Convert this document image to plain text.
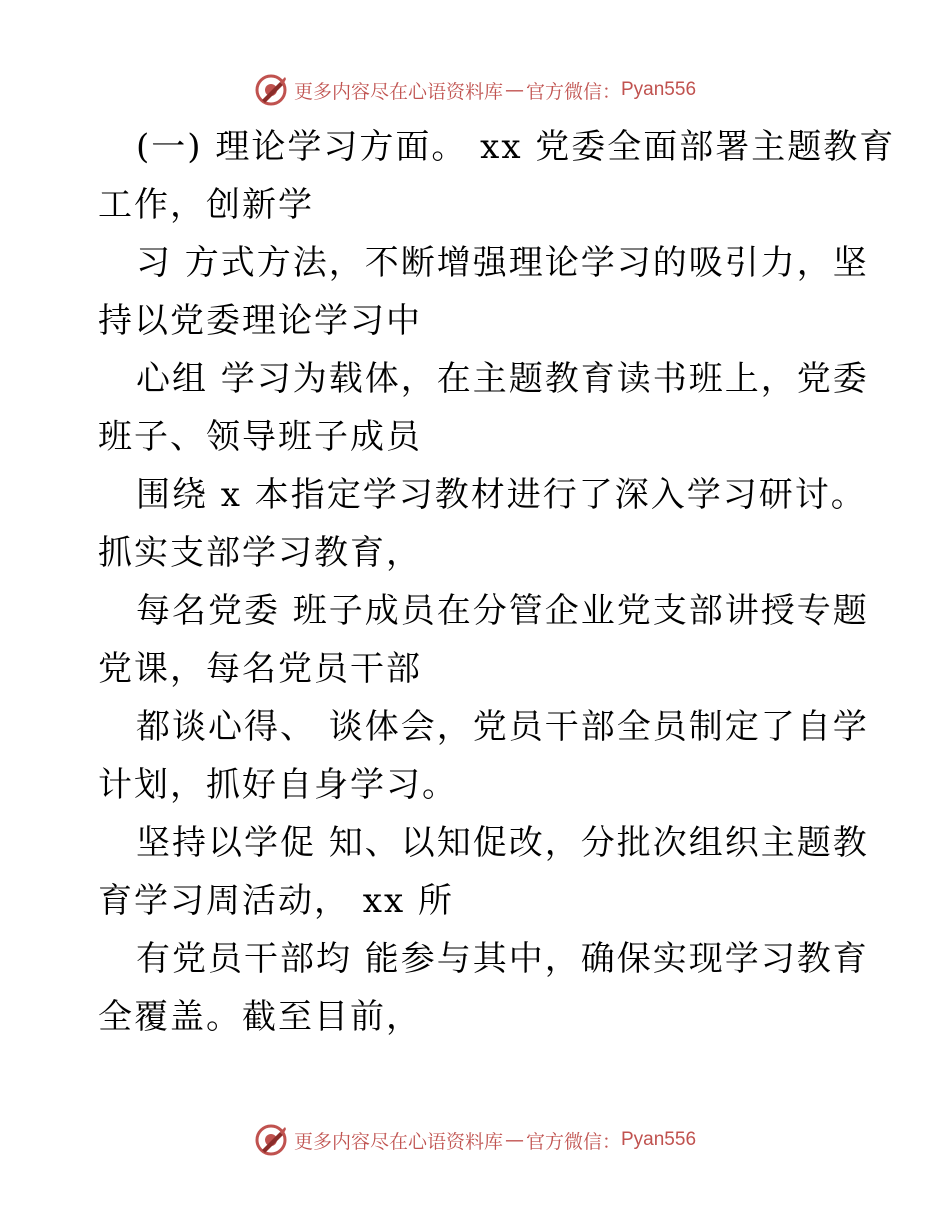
更多内容尽在心语资料库 — 官方微信： Pyan556
(一) 理论学习方面。 xx 党委全面部署主题教育
工作，创新学
习 方式方法，不断增强理论学习的吸引力，坚
持以党委理论学习中
心组 学习为载体，在主题教育读书班上，党委
班子、领导班子成员
围绕 x 本指定学习教材进行了深入学习研讨。
抓实支部学习教育，
每名党委 班子成员在分管企业党支部讲授专题
党课，每名党员干部
都谈心得、 谈体会，党员干部全员制定了自学
计划，抓好自身学习。
坚持以学促 知、以知促改，分批次组织主题教
育学习周活动， xx 所
有党员干部均 能参与其中，确保实现学习教育
全覆盖。截至目前，
更多内容尽在心语资料库 — 官方微信： Pyan556
